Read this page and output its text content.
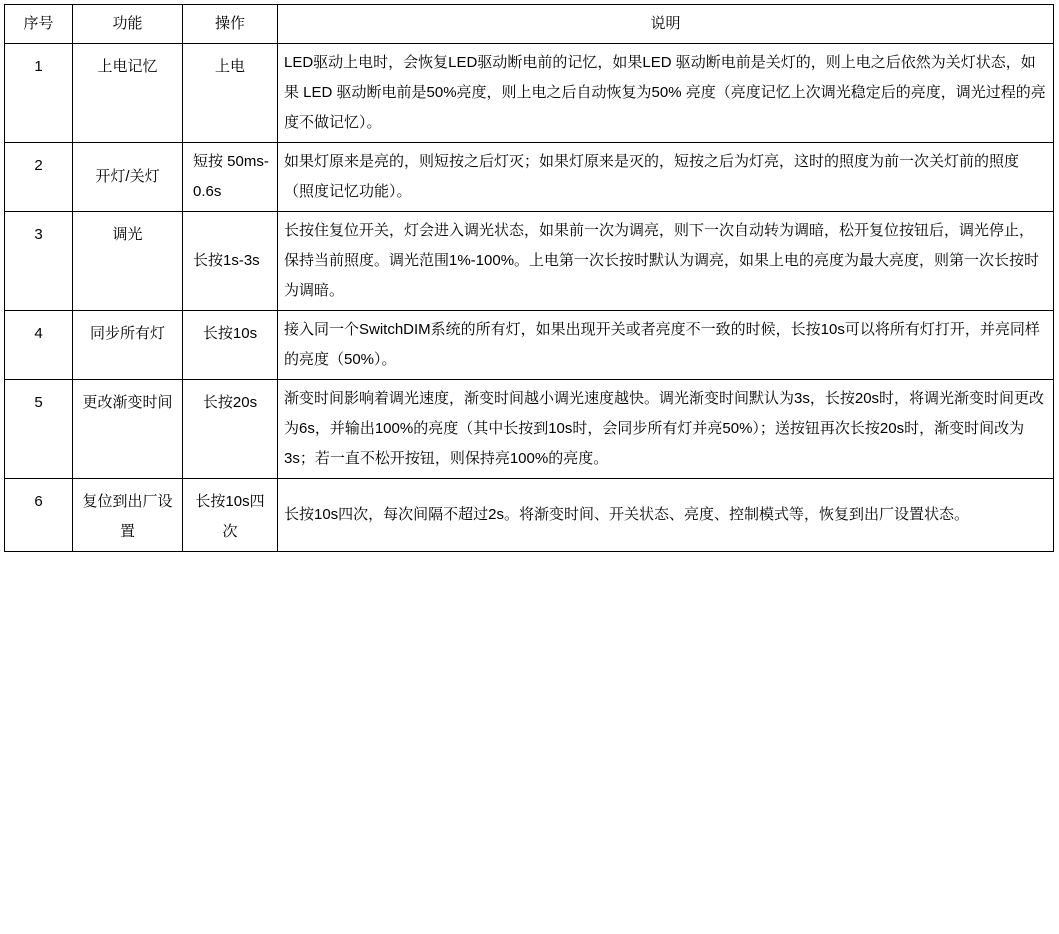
序号	功能	操作	说明
1	上电记忆	上电	LED驱动上电时，会恢复LED驱动断电前的记忆，如果LED 驱动断电前是关灯的，则上电之后依然为关灯状态，如果 LED 驱动断电前是50%亮度，则上电之后自动恢复为50% 亮度（亮度记忆上次调光稳定后的亮度，调光过程的亮度不做记忆）。
2	开灯/关灯	短按 50ms-0.6s	如果灯原来是亮的，则短按之后灯灭；如果灯原来是灭的，短按之后为灯亮，这时的照度为前一次关灯前的照度（照度记忆功能）。
3	调光	长按1s-3s	长按住复位开关，灯会进入调光状态，如果前一次为调亮，则下一次自动转为调暗，松开复位按钮后，调光停止，保持当前照度。调光范围1%-100%。上电第一次长按时默认为调亮，如果上电的亮度为最大亮度，则第一次长按时为调暗。
4	同步所有灯	长按10s	接入同一个SwitchDIM系统的所有灯，如果出现开关或者亮度不一致的时候，长按10s可以将所有灯打开，并亮同样的亮度（50%）。
5	更改渐变时间	长按20s	渐变时间影响着调光速度，渐变时间越小调光速度越快。调光渐变时间默认为3s，长按20s时，将调光渐变时间更改为6s，并输出100%的亮度（其中长按到10s时，会同步所有灯并亮50%）；送按钮再次长按20s时，渐变时间改为3s；若一直不松开按钮，则保持亮100%的亮度。
6	复位到出厂设置	长按10s四次	长按10s四次，每次间隔不超过2s。将渐变时间、开关状态、亮度、控制模式等，恢复到出厂设置状态。
